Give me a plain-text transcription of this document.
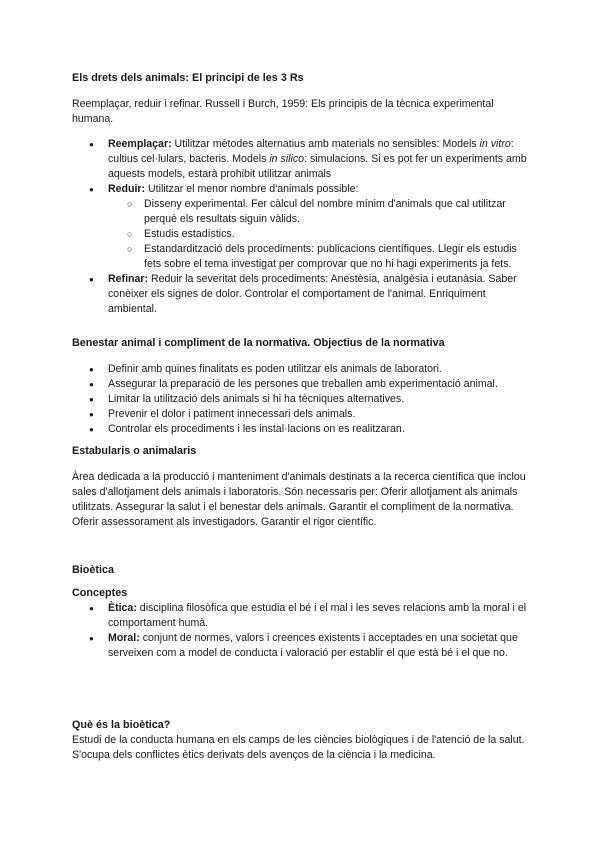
Els drets dels animals: El principi de les 3 Rs

Reemplaçar, reduir i refinar. Russell i Burch, 1959: Els principis de la tècnica experimental humana.

● Reemplaçar: Utilitzar mètodes alternatius amb materials no sensibles: Models in vitro: cultius cel·lulars, bacteris. Models in silico: simulacions. Si es pot fer un experiments amb aquests models, estarà prohibit utilitzar animals
● Reduir: Utilitzar el menor nombre d'animals possible:
○ Disseny experimental. Fer càlcul del nombre mínim d'animals que cal utilitzar perquè els resultats siguin vàlids.
○ Estudis estadístics.
○ Estandardització dels procediments: publicacions científiques. Llegir els estudis fets sobre el tema investigat per comprovar que no hi hagi experiments ja fets.
● Refinar: Reduir la severitat dels procediments: Anestèsia, analgèsia i eutanàsia. Saber conèixer els signes de dolor. Controlar el comportament de l'animal. Enriquiment ambiental.
Benestar animal i compliment de la normativa. Objectius de la normativa
● Definir amb quines finalitats es poden utilitzar els animals de laboratori.
● Assegurar la preparació de les persones que treballen amb experimentació animal.
● Limitar la utilització dels animals si hi ha tècniques alternatives.
● Prevenir el dolor i patiment innecessari dels animals.
● Controlar els procediments i les instal·lacions on es realitzaran.
Estabularis o animalaris

Àrea dedicada a la producció i manteniment d'animals destinats a la recerca científica que inclou sales d'allotjament dels animals i laboratoris. Són necessaris per: Oferir allotjament als animals utilitzats. Assegurar la salut i el benestar dels animals. Garantir el compliment de la normativa. Oferir assessorament als investigadors. Garantir el rigor científic.

Bioètica
Conceptes
● Ètica: disciplina filosòfica que estudia el bé i el mal i les seves relacions amb la moral i el comportament humà.
● Moral: conjunt de normes, valors i creences existents i acceptades en una societat que serveixen com a model de conducta i valoració per establir el que està bé i el que no.
Què és la bioètica?

Estudi de la conducta humana en els camps de les ciències biològiques i de l'atenció de la salut. S'ocupa dels conflictes ètics derivats dels avenços de la ciència i la medicina.
